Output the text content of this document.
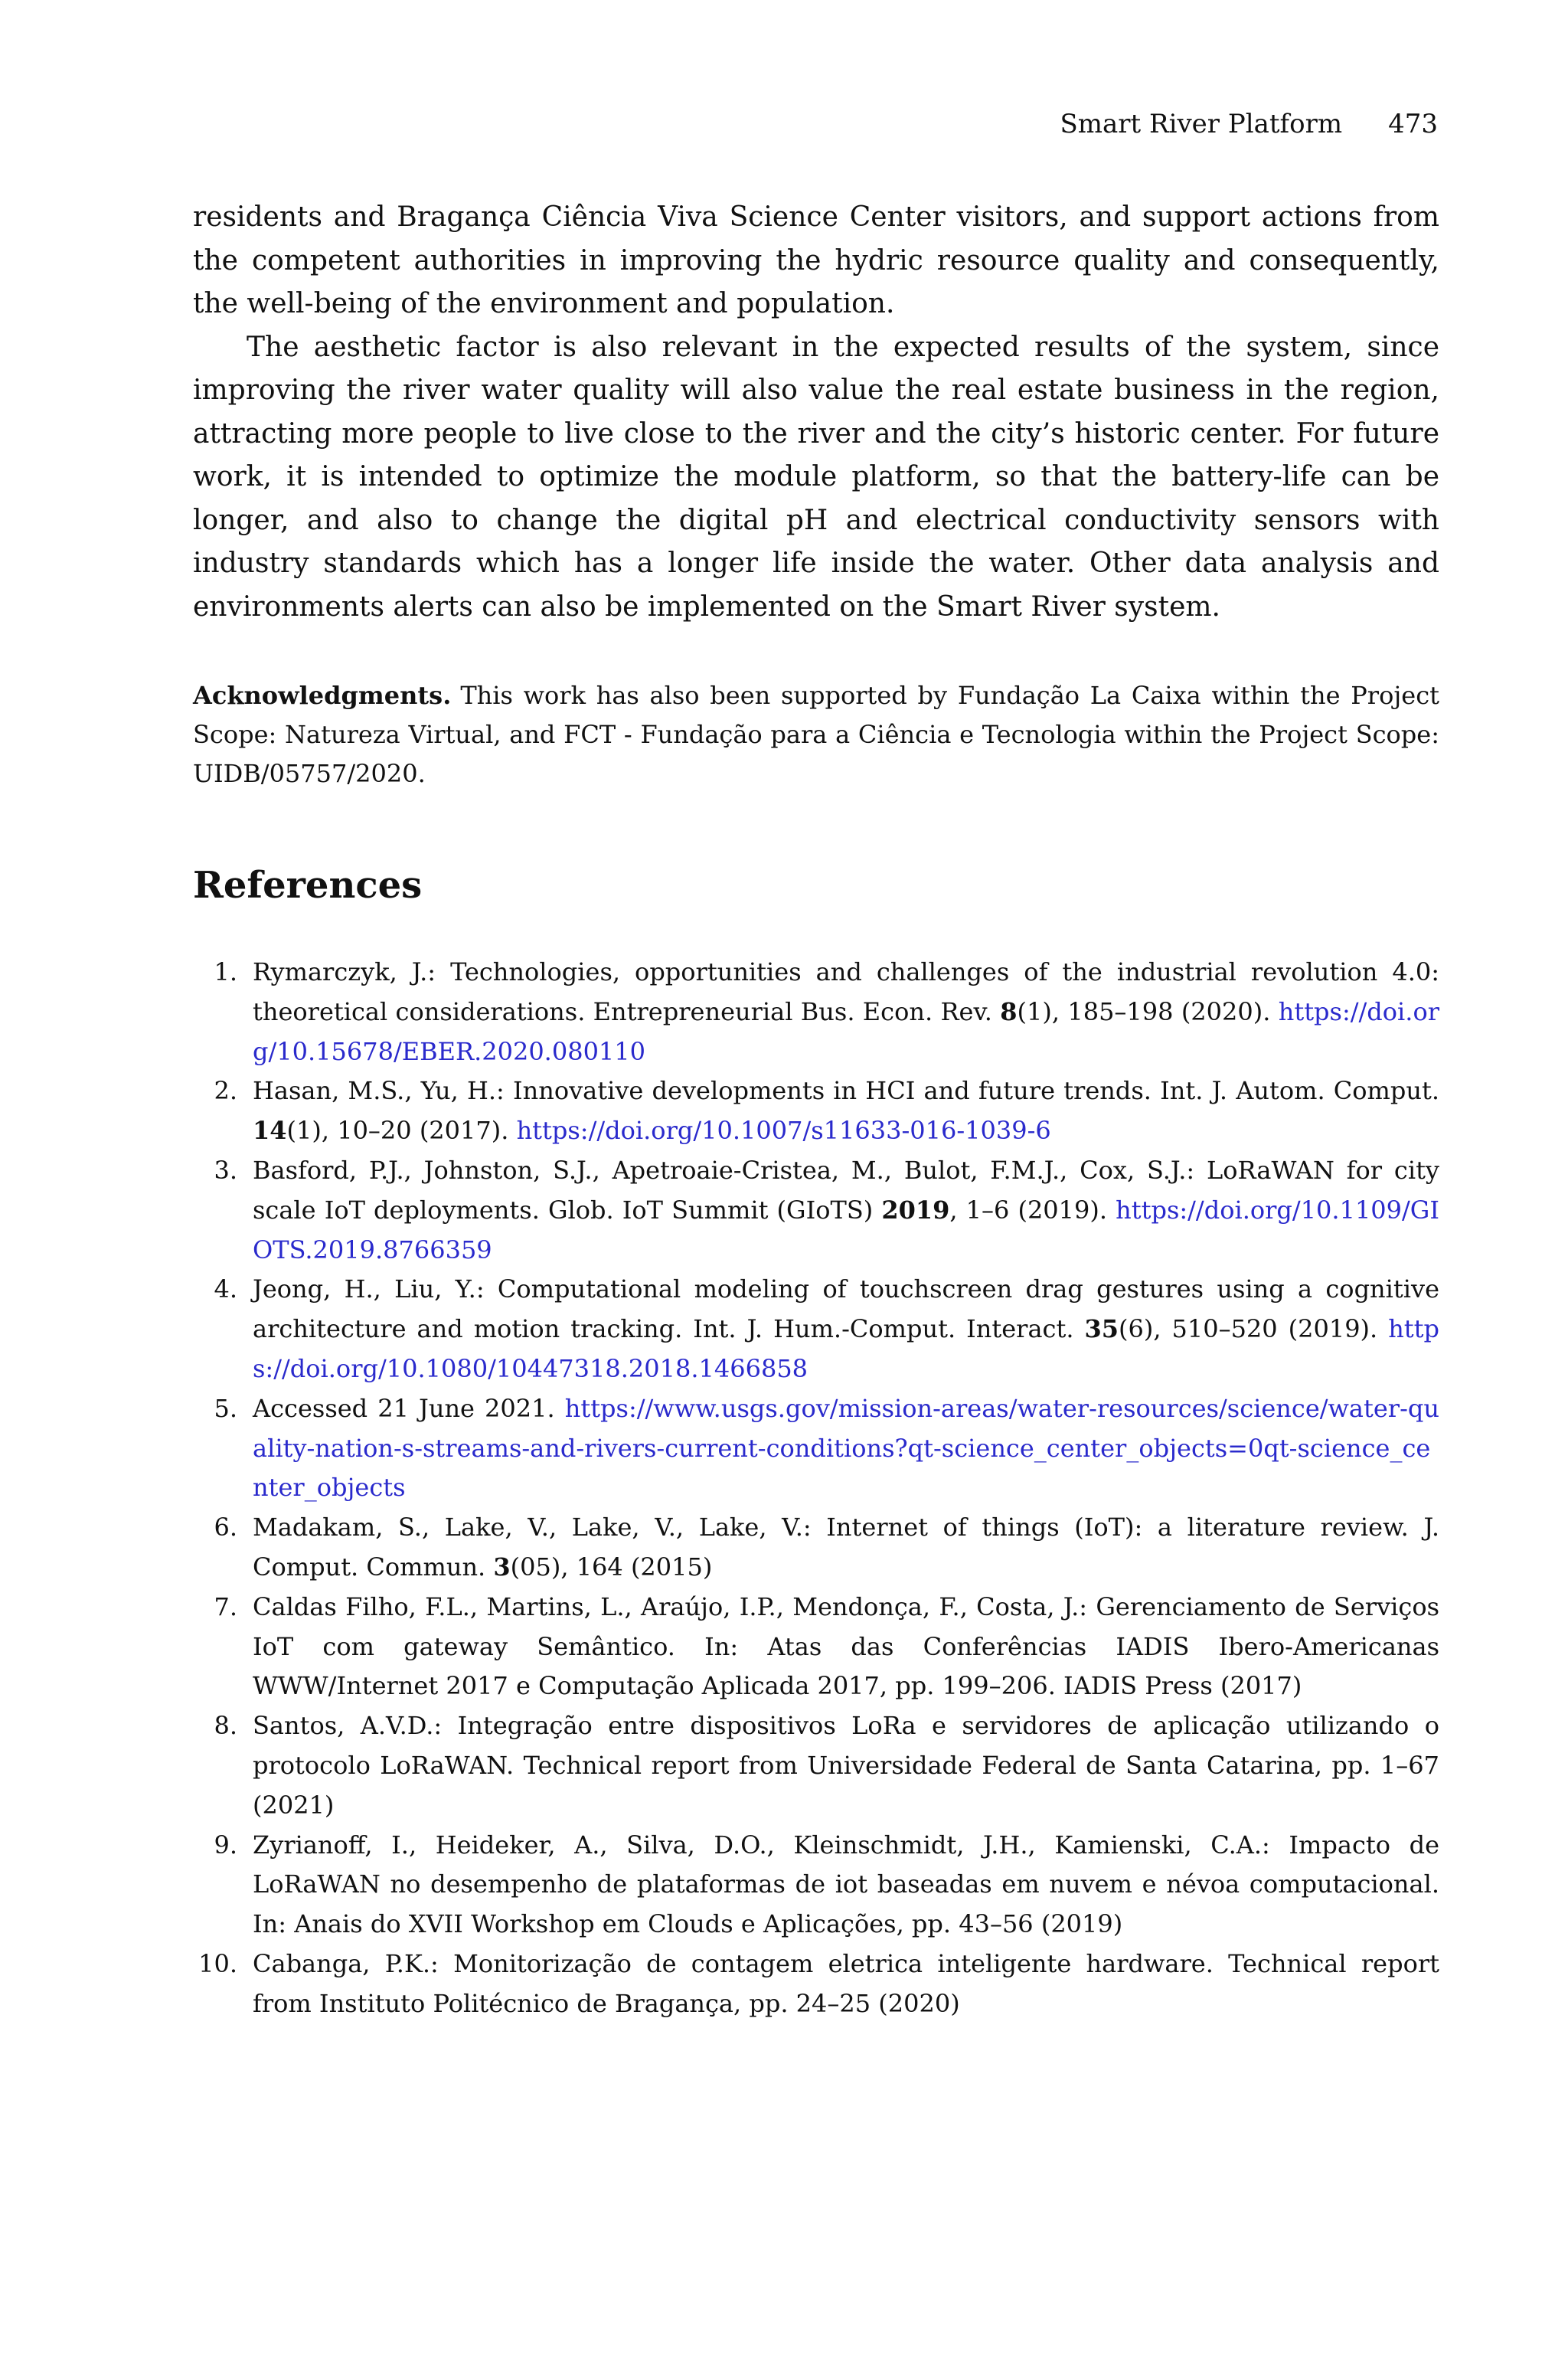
Smart River Platform 473

residents and Bragança Ciência Viva Science Center visitors, and support actions from the competent authorities in improving the hydric resource quality and consequently, the well-being of the environment and population.

The aesthetic factor is also relevant in the expected results of the system, since improving the river water quality will also value the real estate business in the region, attracting more people to live close to the river and the city’s historic center. For future work, it is intended to optimize the module platform, so that the battery-life can be longer, and also to change the digital pH and electrical conductivity sensors with industry standards which has a longer life inside the water. Other data analysis and environments alerts can also be implemented on the Smart River system.

Acknowledgments. This work has also been supported by Fundação La Caixa within the Project Scope: Natureza Virtual, and FCT - Fundação para a Ciência e Tecnologia within the Project Scope: UIDB/05757/2020.

References
1. Rymarczyk, J.: Technologies, opportunities and challenges of the industrial revolution 4.0: theoretical considerations. Entrepreneurial Bus. Econ. Rev. 8(1), 185–198 (2020). https://doi.org/10.15678/EBER.2020.080110
2. Hasan, M.S., Yu, H.: Innovative developments in HCI and future trends. Int. J. Autom. Comput. 14(1), 10–20 (2017). https://doi.org/10.1007/s11633-016-1039-6
3. Basford, P.J., Johnston, S.J., Apetroaie-Cristea, M., Bulot, F.M.J., Cox, S.J.: LoRaWAN for city scale IoT deployments. Glob. IoT Summit (GIoTS) 2019, 1–6 (2019). https://doi.org/10.1109/GIOTS.2019.8766359
4. Jeong, H., Liu, Y.: Computational modeling of touchscreen drag gestures using a cognitive architecture and motion tracking. Int. J. Hum.-Comput. Interact. 35(6), 510–520 (2019). https://doi.org/10.1080/10447318.2018.1466858
5. Accessed 21 June 2021. https://www.usgs.gov/mission-areas/water-resources/science/water-quality-nation-s-streams-and-rivers-current-conditions?qt-science_center_objects=0qt-science_center_objects
6. Madakam, S., Lake, V., Lake, V., Lake, V.: Internet of things (IoT): a literature review. J. Comput. Commun. 3(05), 164 (2015)
7. Caldas Filho, F.L., Martins, L., Araújo, I.P., Mendonça, F., Costa, J.: Gerenciamento de Serviços IoT com gateway Semântico. In: Atas das Conferências IADIS Ibero-Americanas WWW/Internet 2017 e Computação Aplicada 2017, pp. 199–206. IADIS Press (2017)
8. Santos, A.V.D.: Integração entre dispositivos LoRa e servidores de aplicação utilizando o protocolo LoRaWAN. Technical report from Universidade Federal de Santa Catarina, pp. 1–67 (2021)
9. Zyrianoff, I., Heideker, A., Silva, D.O., Kleinschmidt, J.H., Kamienski, C.A.: Impacto de LoRaWAN no desempenho de plataformas de iot baseadas em nuvem e névoa computacional. In: Anais do XVII Workshop em Clouds e Aplicações, pp. 43–56 (2019)
10. Cabanga, P.K.: Monitorização de contagem eletrica inteligente hardware. Technical report from Instituto Politécnico de Bragança, pp. 24–25 (2020)
